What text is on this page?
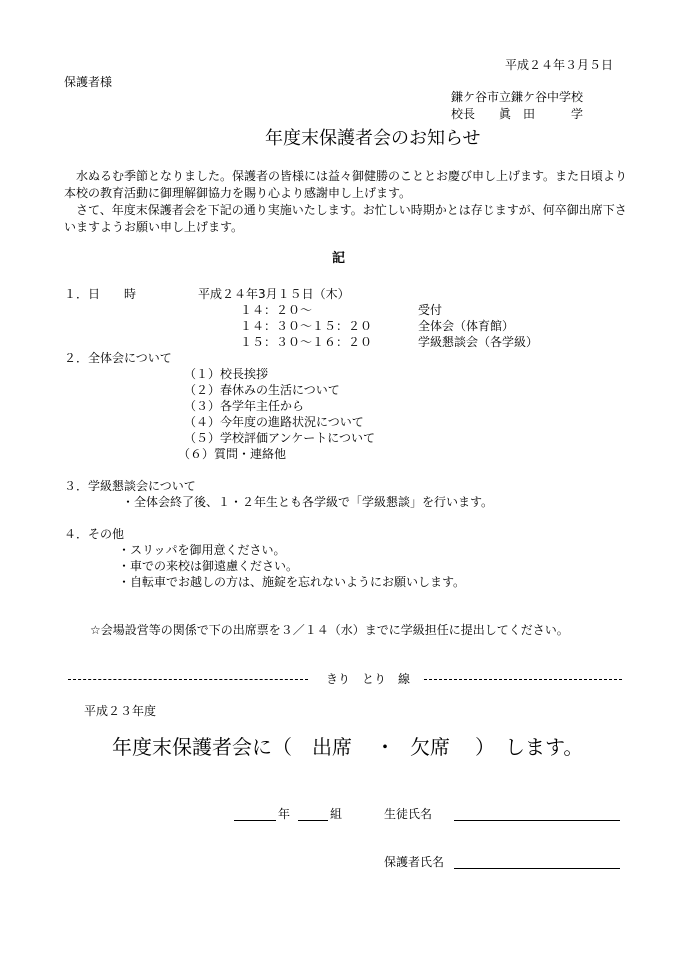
平成２４年３月５日
保護者様
鎌ケ谷市立鎌ケ谷中学校
校長　　眞　田　　　学
年度末保護者会のお知らせ

水ぬるむ季節となりました。保護者の皆様には益々御健勝のこととお慶び申し上げます。また日頃より本校の教育活動に御理解御協力を賜り心より感謝申し上げます。

さて、年度末保護者会を下記の通り実施いたします。お忙しい時期かとは存じますが、何卒御出席下さいますようお願い申し上げます。

記
１．日　　時	平成２４年3月１５日（木）
１４：２０～	受付
１４：３０～１５：２０	全体会（体育館）
１５：３０～１６：２０	学級懇談会（各学級）
２．全体会について
（１）校長挨拶
（２）春休みの生活について
（３）各学年主任から
（４）今年度の進路状況について
（５）学校評価アンケートについて
（６）質問・連絡他
３．学級懇談会について
・全体会終了後、１・２年生とも各学級で「学級懇談」を行います。
４．その他
・スリッパを御用意ください。
・車での来校は御遠慮ください。
・自転車でお越しの方は、施錠を忘れないようにお願いします。
☆会場設営等の関係で下の出席票を３／１４（水）までに学級担任に提出してください。
きり　とり　線
平成２３年度
年度末保護者会に（ 出席 ・ 欠席 ）　します。
年	組	生徒氏名
保護者氏名
